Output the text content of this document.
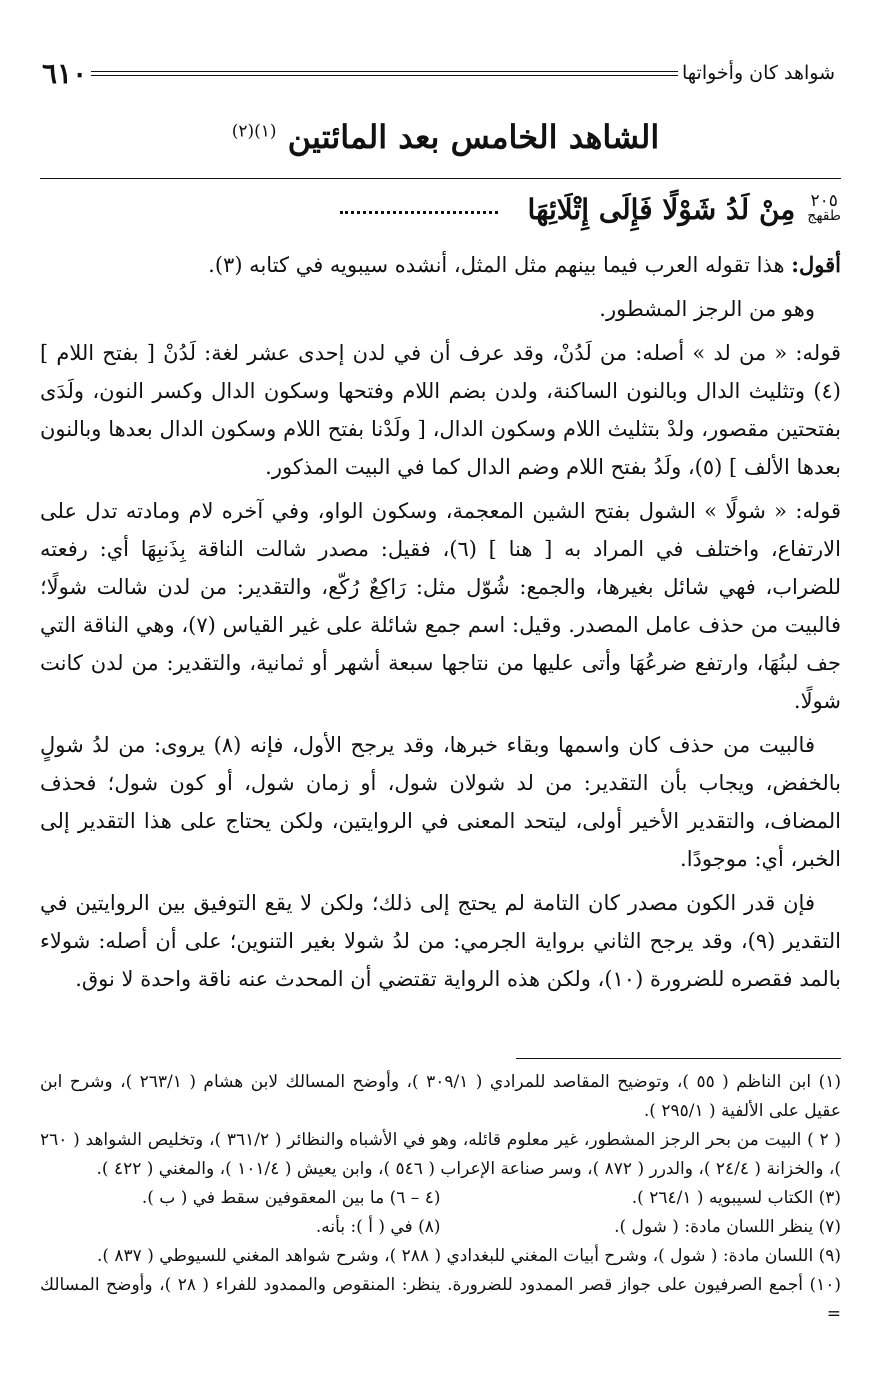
شواهد كان وأخواتها
٦١٠
الشاهد الخامس بعد المائتين $^{(١)(٢)}$
٢٠٥
طقهج
مِنْ لَدُ شَوْلًا فَإِلَى إِتْلَائِهَا

أقول: هذا تقوله العرب فيما بينهم مثل المثل، أنشده سيبويه في كتابه (٣).

وهو من الرجز المشطور.

قوله: « من لد » أصله: من لَدُنْ، وقد عرف أن في لدن إحدى عشر لغة: لَدُنْ [ بفتح اللام ] (٤) وتثليث الدال وبالنون الساكنة، ولدن بضم اللام وفتحها وسكون الدال وكسر النون، ولَدَى بفتحتين مقصور، ولدْ بتثليث اللام وسكون الدال، [ ولَدْنا بفتح اللام وسكون الدال بعدها وبالنون بعدها الألف ] (٥)، ولَدُ بفتح اللام وضم الدال كما في البيت المذكور.

قوله: « شولًا » الشول بفتح الشين المعجمة، وسكون الواو، وفي آخره لام ومادته تدل على الارتفاع، واختلف في المراد به [ هنا ] (٦)، فقيل: مصدر شالت الناقة بِذَنبِهَا أي: رفعته للضراب، فهي شائل بغيرها، والجمع: شُوّل مثل: رَاكِعٌ رُكّع، والتقدير: من لدن شالت شولًا؛ فالبيت من حذف عامل المصدر. وقيل: اسم جمع شائلة على غير القياس (٧)، وهي الناقة التي جف لبنُهَا، وارتفع ضرعُهَا وأتى عليها من نتاجها سبعة أشهر أو ثمانية، والتقدير: من لدن كانت شولًا.

فالبيت من حذف كان واسمها وبقاء خبرها، وقد يرجح الأول، فإنه (٨) يروى: من لدُ شولٍ بالخفض، ويجاب بأن التقدير: من لد شولان شول، أو زمان شول، أو كون شول؛ فحذف المضاف، والتقدير الأخير أولى، ليتحد المعنى في الروايتين، ولكن يحتاج على هذا التقدير إلى الخبر، أي: موجودًا.

فإن قدر الكون مصدر كان التامة لم يحتج إلى ذلك؛ ولكن لا يقع التوفيق بين الروايتين في التقدير (٩)، وقد يرجح الثاني برواية الجرمي: من لدُ شولا بغير التنوين؛ على أن أصله: شولاء بالمد فقصره للضرورة (١٠)، ولكن هذه الرواية تقتضي أن المحدث عنه ناقة واحدة لا نوق.

(١) ابن الناظم ( ٥٥ )، وتوضيح المقاصد للمرادي ( ٣٠٩/١ )، وأوضح المسالك لابن هشام ( ٢٦٣/١ )، وشرح ابن عقيل على الألفية ( ٢٩٥/١ ).

( ٢ ) البيت من بحر الرجز المشطور، غير معلوم قائله، وهو في الأشباه والنظائر ( ٣٦١/٢ )، وتخليص الشواهد ( ٢٦٠ )، والخزانة ( ٢٤/٤ )، والدرر ( ٨٧٢ )، وسر صناعة الإعراب ( ٥٤٦ )، وابن يعيش ( ١٠١/٤ )، والمغني ( ٤٢٢ ).

(٣) الكتاب لسيبويه ( ٢٦٤/١ ).
(٤ – ٦) ما بين المعقوفين سقط في ( ب ).
(٧) ينظر اللسان مادة: ( شول ).
(٨) في ( أ ): بأنه.

(٩) اللسان مادة: ( شول )، وشرح أبيات المغني للبغدادي ( ٢٨٨ )، وشرح شواهد المغني للسيوطي ( ٨٣٧ ).

(١٠) أجمع الصرفيون على جواز قصر الممدود للضرورة. ينظر: المنقوص والممدود للفراء ( ٢٨ )، وأوضح المسالك =
